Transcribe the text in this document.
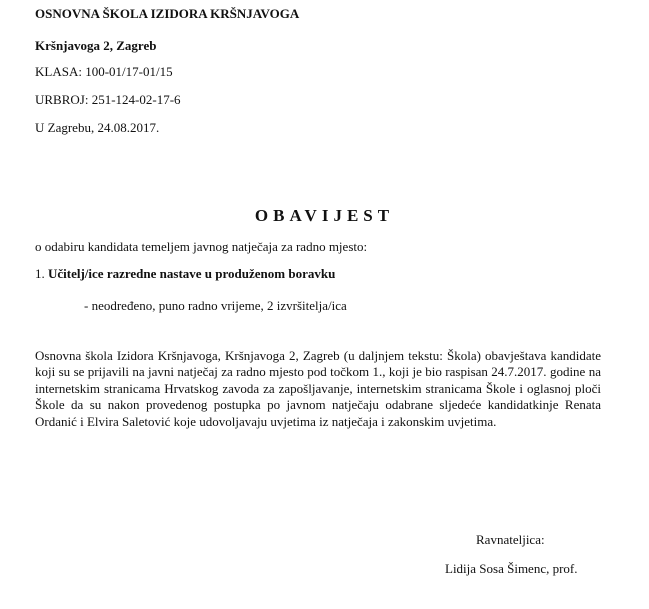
OSNOVNA ŠKOLA IZIDORA KRŠNJAVOGA
Kršnjavoga 2, Zagreb
KLASA: 100-01/17-01/15
URBROJ: 251-124-02-17-6
U Zagrebu, 24.08.2017.
OBAVIJEST
o odabiru kandidata temeljem javnog natječaja za radno mjesto:
1. Učitelj/ice razredne nastave u produženom boravku
- neodređeno, puno radno vrijeme, 2 izvršitelja/ica
Osnovna škola Izidora Kršnjavoga, Kršnjavoga 2, Zagreb (u daljnjem tekstu: Škola) obavještava kandidate koji su se prijavili na javni natječaj za radno mjesto pod točkom 1., koji je bio raspisan 24.7.2017. godine na internetskim stranicama Hrvatskog zavoda za zapošljavanje, internetskim stranicama Škole i oglasnoj ploči Škole da su nakon provedenog postupka po javnom natječaju odabrane sljedeće kandidatkinje Renata Ordanić i Elvira Saletović koje udovoljavaju uvjetima iz natječaja i zakonskim uvjetima.
Ravnateljica:
Lidija Sosa Šimenc, prof.
